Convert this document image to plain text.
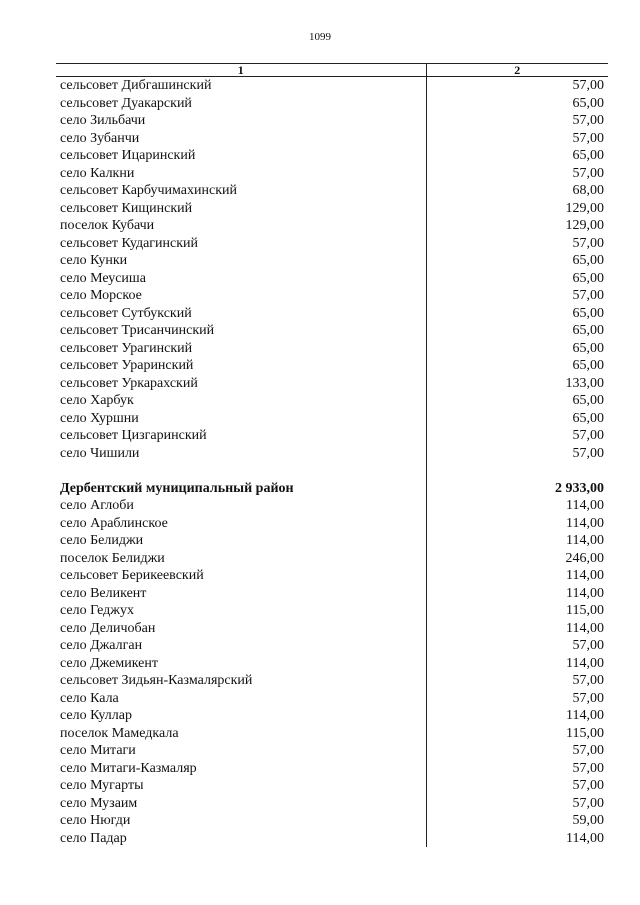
1099
1	2
сельсовет Дибгашинский	57,00
сельсовет Дуакарский	65,00
село Зильбачи	57,00
село Зубанчи	57,00
сельсовет Ицаринский	65,00
село Калкни	57,00
сельсовет Карбучимахинский	68,00
сельсовет Кищинский	129,00
поселок Кубачи	129,00
сельсовет Кудагинский	57,00
село Кунки	65,00
село Меусиша	65,00
село Морское	57,00
сельсовет Сутбукский	65,00
сельсовет Трисанчинский	65,00
сельсовет Урагинский	65,00
сельсовет Ураринский	65,00
сельсовет Уркарахский	133,00
село Харбук	65,00
село Хуршни	65,00
сельсовет Цизгаринский	57,00
село Чишили	57,00

Дербентский муниципальный район	2 933,00
село Аглоби	114,00
село Араблинское	114,00
село Белиджи	114,00
поселок Белиджи	246,00
сельсовет Берикеевский	114,00
село Великент	114,00
село Геджух	115,00
село Деличобан	114,00
село Джалган	57,00
село Джемикент	114,00
сельсовет Зидьян-Казмалярский	57,00
село Кала	57,00
село Куллар	114,00
поселок Мамедкала	115,00
село Митаги	57,00
село Митаги-Казмаляр	57,00
село Мугарты	57,00
село Музаим	57,00
село Нюгди	59,00
село Падар	114,00
